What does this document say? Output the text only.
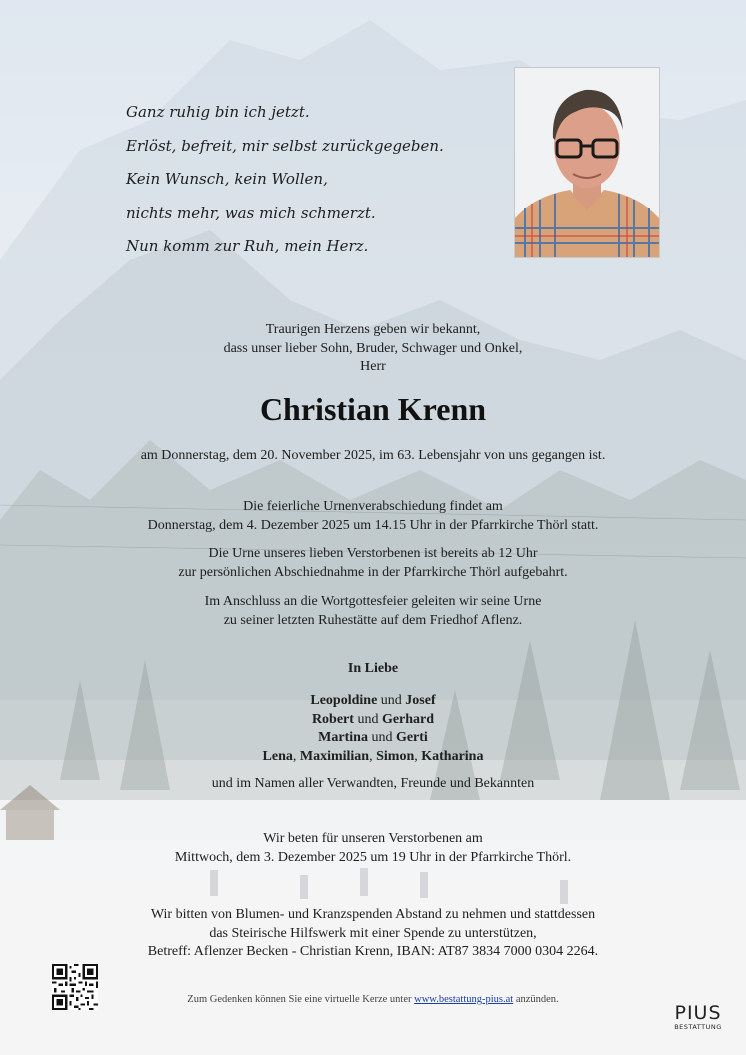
Ganz ruhig bin ich jetzt.
Erlöst, befreit, mir selbst zurückgegeben.
Kein Wunsch, kein Wollen,
nichts mehr, was mich schmerzt.
Nun komm zur Ruh, mein Herz.
Traurigen Herzens geben wir bekannt,
dass unser lieber Sohn, Bruder, Schwager und Onkel,
Herr
Christian Krenn
am Donnerstag, dem 20. November 2025, im 63. Lebensjahr von uns gegangen ist.
Die feierliche Urnenverabschiedung findet am
Donnerstag, dem 4. Dezember 2025 um 14.15 Uhr in der Pfarrkirche Thörl statt.
Die Urne unseres lieben Verstorbenen ist bereits ab 12 Uhr
zur persönlichen Abschiednahme in der Pfarrkirche Thörl aufgebahrt.
Im Anschluss an die Wortgottesfeier geleiten wir seine Urne
zu seiner letzten Ruhestätte auf dem Friedhof Aflenz.
In Liebe
Leopoldine und Josef
Robert und Gerhard
Martina und Gerti
Lena, Maximilian, Simon, Katharina
und im Namen aller Verwandten, Freunde und Bekannten
Wir beten für unseren Verstorbenen am
Mittwoch, dem 3. Dezember 2025 um 19 Uhr in der Pfarrkirche Thörl.
Wir bitten von Blumen- und Kranzspenden Abstand zu nehmen und stattdessen
das Steirische Hilfswerk mit einer Spende zu unterstützen,
Betreff: Aflenzer Becken - Christian Krenn, IBAN: AT87 3834 7000 0304 2264.
Zum Gedenken können Sie eine virtuelle Kerze unter www.bestattung-pius.at anzünden.
PIUS
BESTATTUNG
